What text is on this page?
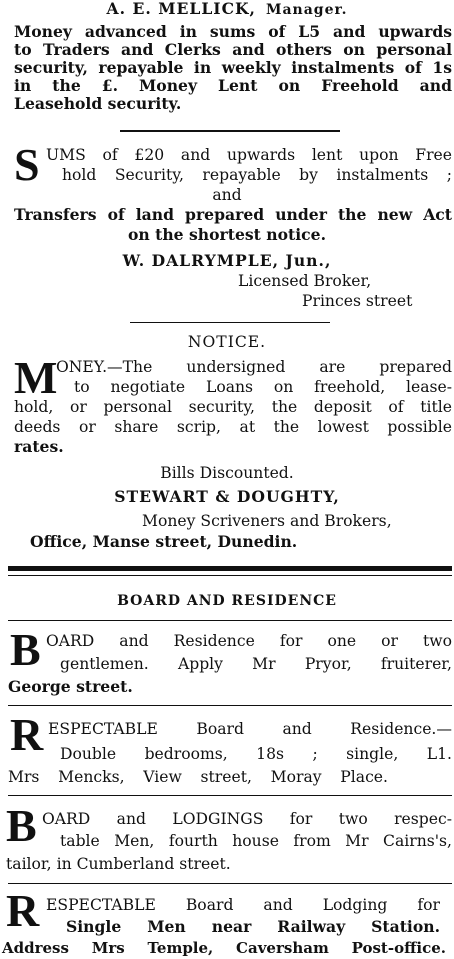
A. E. MELLICK, Manager.
Money advanced in sums of L5 and upwards
to Traders and Clerks and others on personal
security, repayable in weekly instalments of 1s
in the £. Money Lent on Freehold and
Leasehold security.
S UMS of £20 and upwards lent upon Free
hold Security, repayable by instalments ;
and
Transfers of land prepared under the new Act
on the shortest notice.
W. DALRYMPLE, Jun.,
Licensed Broker,
Princes street
NOTICE.
M
ONEY.—The undersigned are prepared
to negotiate Loans on freehold, lease-
hold, or personal security, the deposit of title
deeds or share scrip, at the lowest possible
rates.
Bills Discounted.
STEWART & DOUGHTY,
Money Scriveners and Brokers,
Office, Manse street, Dunedin.
BOARD AND RESIDENCE
B OARD and Residence for one or two
gentlemen. Apply Mr Pryor, fruiterer,
George street.
R ESPECTABLE Board and Residence.—
Double bedrooms, 18s ; single, L1.
Mrs Mencks, View street, Moray Place.
B OARD and LODGINGS for two respec-
table Men, fourth house from Mr Cairns's,
tailor, in Cumberland street.
R ESPECTABLE Board and Lodging for
Single Men near Railway Station.
Address Mrs Temple, Caversham Post-office.
